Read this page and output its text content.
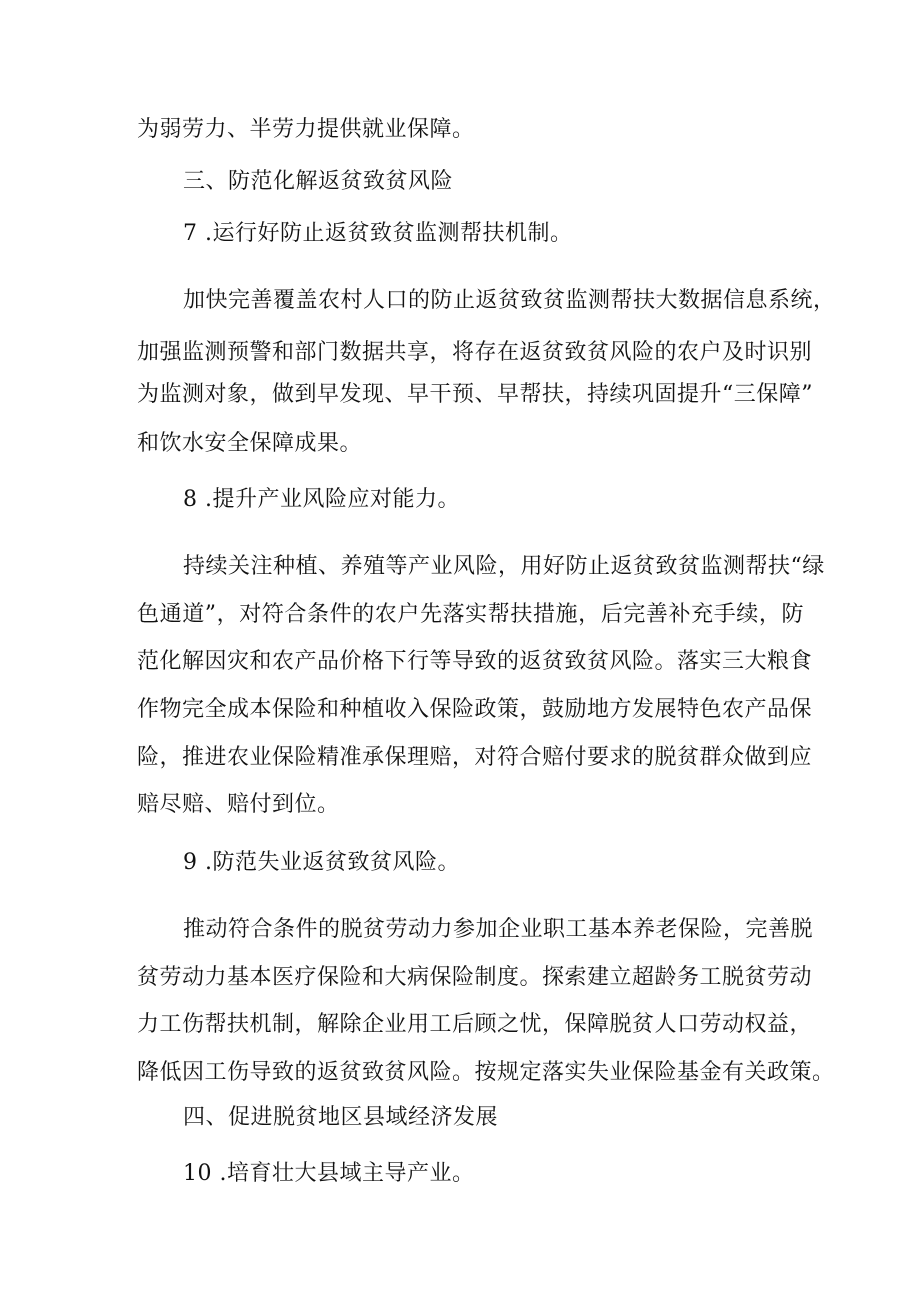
为弱劳力、半劳力提供就业保障。
三、防范化解返贫致贫风险
7 .运行好防止返贫致贫监测帮扶机制。
加快完善覆盖农村人口的防止返贫致贫监测帮扶大数据信息系统，
加强监测预警和部门数据共享，将存在返贫致贫风险的农户及时识别
为监测对象，做到早发现、早干预、早帮扶，持续巩固提升“三保障”
和饮水安全保障成果。
8 .提升产业风险应对能力。
持续关注种植、养殖等产业风险，用好防止返贫致贫监测帮扶“绿
色通道”，对符合条件的农户先落实帮扶措施，后完善补充手续，防
范化解因灾和农产品价格下行等导致的返贫致贫风险。落实三大粮食
作物完全成本保险和种植收入保险政策，鼓励地方发展特色农产品保
险，推进农业保险精准承保理赔，对符合赔付要求的脱贫群众做到应
赔尽赔、赔付到位。
9 .防范失业返贫致贫风险。
推动符合条件的脱贫劳动力参加企业职工基本养老保险，完善脱
贫劳动力基本医疗保险和大病保险制度。探索建立超龄务工脱贫劳动
力工伤帮扶机制，解除企业用工后顾之忧，保障脱贫人口劳动权益，
降低因工伤导致的返贫致贫风险。按规定落实失业保险基金有关政策。
四、促进脱贫地区县域经济发展
10 .培育壮大县域主导产业。
